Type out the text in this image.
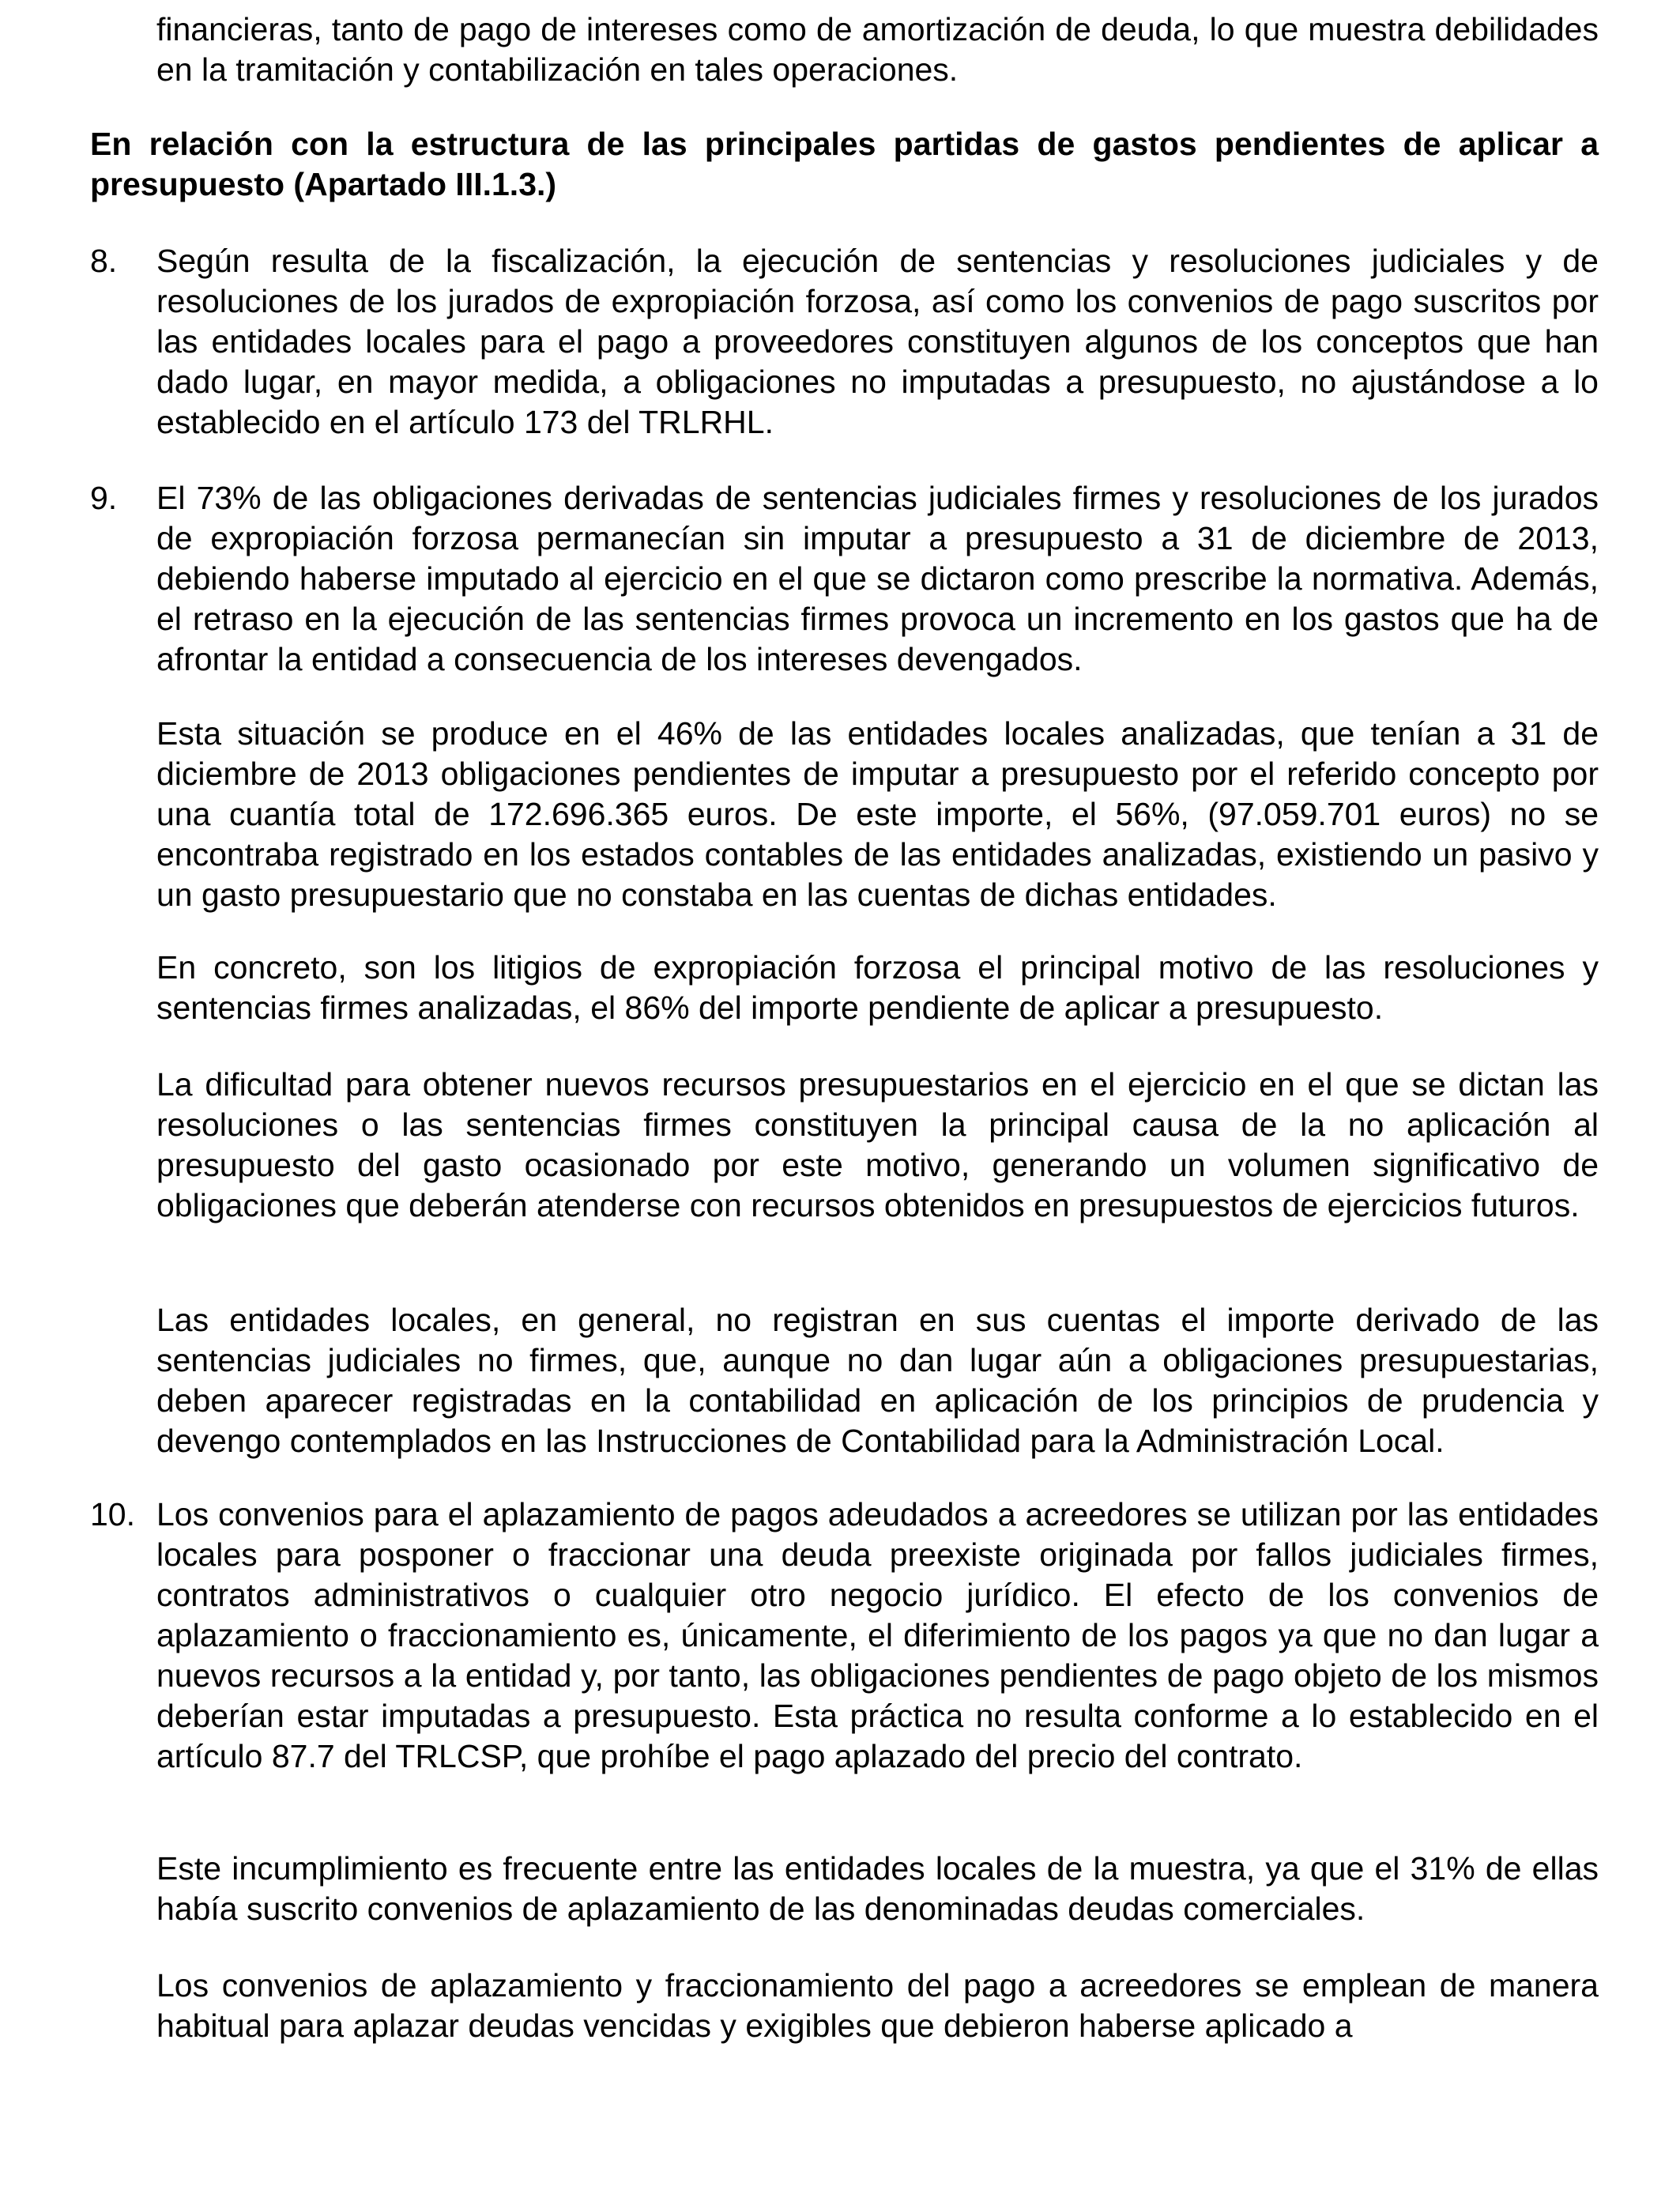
financieras, tanto de pago de intereses como de amortización de deuda, lo que muestra debilidades en la tramitación y contabilización en tales operaciones.

En relación con la estructura de las principales partidas de gastos pendientes de aplicar a presupuesto (Apartado III.1.3.)

8.	Según resulta de la fiscalización, la ejecución de sentencias y resoluciones judiciales y de resoluciones de los jurados de expropiación forzosa, así como los convenios de pago suscritos por las entidades locales para el pago a proveedores constituyen algunos de los conceptos que han dado lugar, en mayor medida, a obligaciones no imputadas a presupuesto, no ajustándose a lo establecido en el artículo 173 del TRLRHL.

9.	El 73% de las obligaciones derivadas de sentencias judiciales firmes y resoluciones de los jurados de expropiación forzosa permanecían sin imputar a presupuesto a 31 de diciembre de 2013, debiendo haberse imputado al ejercicio en el que se dictaron como prescribe la normativa. Además, el retraso en la ejecución de las sentencias firmes provoca un incremento en los gastos que ha de afrontar la entidad a consecuencia de los intereses devengados.

Esta situación se produce en el 46% de las entidades locales analizadas, que tenían a 31 de diciembre de 2013 obligaciones pendientes de imputar a presupuesto por el referido concepto por una cuantía total de 172.696.365 euros. De este importe, el 56%, (97.059.701 euros) no se encontraba registrado en los estados contables de las entidades analizadas, existiendo un pasivo y un gasto presupuestario que no constaba en las cuentas de dichas entidades.

En concreto, son los litigios de expropiación forzosa el principal motivo de las resoluciones y sentencias firmes analizadas, el 86% del importe pendiente de aplicar a presupuesto.

La dificultad para obtener nuevos recursos presupuestarios en el ejercicio en el que se dictan las resoluciones o las sentencias firmes constituyen la principal causa de la no aplicación al presupuesto del gasto ocasionado por este motivo, generando un volumen significativo de obligaciones que deberán atenderse con recursos obtenidos en presupuestos de ejercicios futuros.

Las entidades locales, en general, no registran en sus cuentas el importe derivado de las sentencias judiciales no firmes, que, aunque no dan lugar aún a obligaciones presupuestarias, deben aparecer registradas en la contabilidad en aplicación de los principios de prudencia y devengo contemplados en las Instrucciones de Contabilidad para la Administración Local.

10. Los convenios para el aplazamiento de pagos adeudados a acreedores se utilizan por las entidades locales para posponer o fraccionar una deuda preexiste originada por fallos judiciales firmes, contratos administrativos o cualquier otro negocio jurídico. El efecto de los convenios de aplazamiento o fraccionamiento es, únicamente, el diferimiento de los pagos ya que no dan lugar a nuevos recursos a la entidad y, por tanto, las obligaciones pendientes de pago objeto de los mismos deberían estar imputadas a presupuesto. Esta práctica no resulta conforme a lo establecido en el artículo 87.7 del TRLCSP, que prohíbe el pago aplazado del precio del contrato.

Este incumplimiento es frecuente entre las entidades locales de la muestra, ya que el 31% de ellas había suscrito convenios de aplazamiento de las denominadas deudas comerciales.

Los convenios de aplazamiento y fraccionamiento del pago a acreedores se emplean de manera habitual para aplazar deudas vencidas y exigibles que debieron haberse aplicado a
